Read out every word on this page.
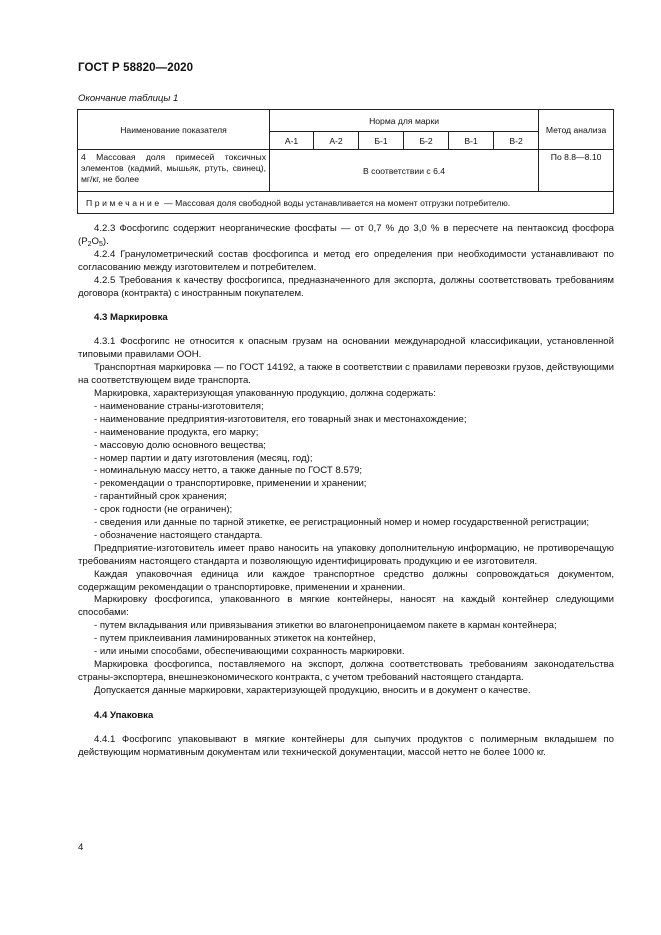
ГОСТ Р 58820—2020
Окончание таблицы 1
Наименование показателя	Норма для марки						Метод анализа
	А-1	А-2	Б-1	Б-2	В-1	В-2	
4 Массовая доля примесей токсичных элементов (кадмий, мышьяк, ртуть, свинец), мг/кг, не более	В соответствии с 6.4						По 8.8—8.10
Примечание — Массовая доля свободной воды устанавливается на момент отгрузки потребителю.							

4.2.3 Фосфогипс содержит неорганические фосфаты — от 0,7 % до 3,0 % в пересчете на пентаоксид фосфора $(P_2O_5)$.

4.2.4 Гранулометрический состав фосфогипса и метод его определения при необходимости устанавливают по согласованию между изготовителем и потребителем.

4.2.5 Требования к качеству фосфогипса, предназначенного для экспорта, должны соответствовать требованиям договора (контракта) с иностранным покупателем.

4.3 Маркировка

4.3.1 Фосфогипс не относится к опасным грузам на основании международной классификации, установленной типовыми правилами ООН.

Транспортная маркировка — по ГОСТ 14192, а также в соответствии с правилами перевозки грузов, действующими на соответствующем виде транспорта.

Маркировка, характеризующая упакованную продукцию, должна содержать:

- наименование страны-изготовителя;

- наименование предприятия-изготовителя, его товарный знак и местонахождение;

- наименование продукта, его марку;

- массовую долю основного вещества;

- номер партии и дату изготовления (месяц, год);

- номинальную массу нетто, а также данные по ГОСТ 8.579;

- рекомендации о транспортировке, применении и хранении;

- гарантийный срок хранения;

- срок годности (не ограничен);

- сведения или данные по тарной этикетке, ее регистрационный номер и номер государственной регистрации;

- обозначение настоящего стандарта.

Предприятие-изготовитель имеет право наносить на упаковку дополнительную информацию, не противоречащую требованиям настоящего стандарта и позволяющую идентифицировать продукцию и ее изготовителя.

Каждая упаковочная единица или каждое транспортное средство должны сопровождаться документом, содержащим рекомендации о транспортировке, применении и хранении.

Маркировку фосфогипса, упакованного в мягкие контейнеры, наносят на каждый контейнер следующими способами:

- путем вкладывания или привязывания этикетки во влагонепроницаемом пакете в карман контейнера;

- путем приклеивания ламинированных этикеток на контейнер,

- или иными способами, обеспечивающими сохранность маркировки.

Маркировка фосфогипса, поставляемого на экспорт, должна соответствовать требованиям законодательства страны-экспортера, внешнеэкономического контракта, с учетом требований настоящего стандарта.

Допускается данные маркировки, характеризующей продукцию, вносить и в документ о качестве.

4.4 Упаковка

4.4.1 Фосфогипс упаковывают в мягкие контейнеры для сыпучих продуктов с полимерным вкладышем по действующим нормативным документам или технической документации, массой нетто не более 1000 кг.

4
